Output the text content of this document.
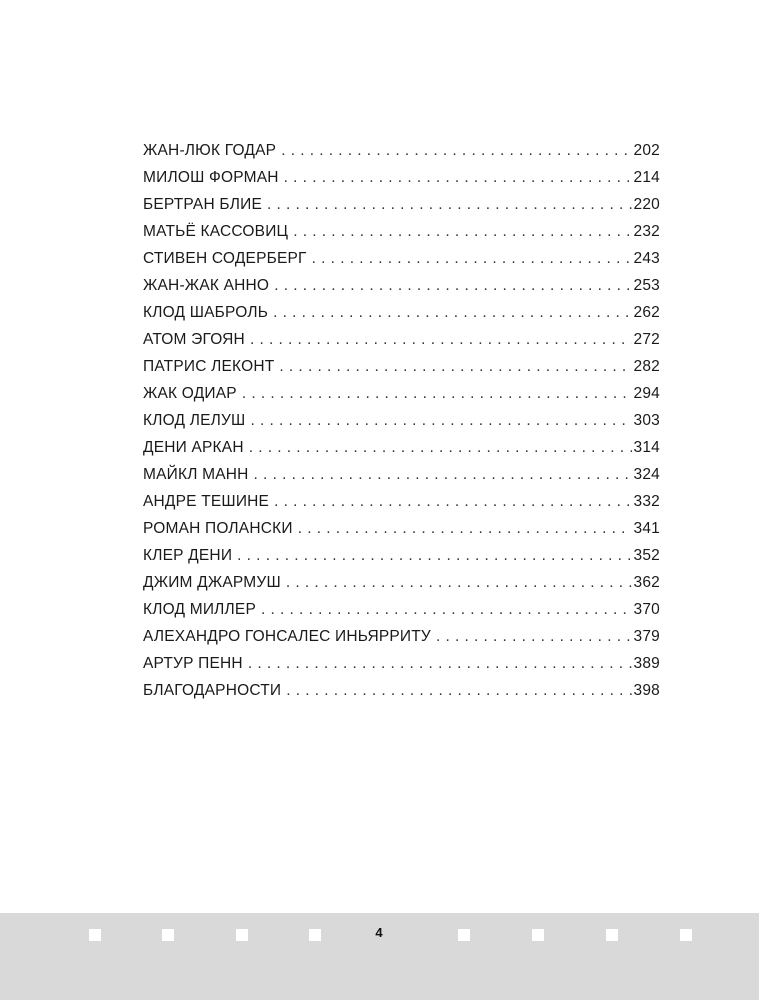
ЖАН-ЛЮК ГОДАР . . .	202
МИЛОШ ФОРМАН . . .	214
БЕРТРАН БЛИЕ . . .	220
МАТЬЁ КАССОВИЦ . . .	232
СТИВЕН СОДЕРБЕРГ . . .	243
ЖАН-ЖАК АННО . . .	253
КЛОД ШАБРОЛЬ . . .	262
АТОМ ЭГОЯН . . .	272
ПАТРИС ЛЕКОНТ . . .	282
ЖАК ОДИАР . . .	294
КЛОД ЛЕЛУШ . . .	303
ДЕНИ АРКАН . . .	314
МАЙКЛ МАНН . . .	324
АНДРЕ ТЕШИНЕ . . .	332
РОМАН ПОЛАНСКИ . . .	341
КЛЕР ДЕНИ . . .	352
ДЖИМ ДЖАРМУШ . . .	362
КЛОД МИЛЛЕР . . .	370
АЛЕХАНДРО ГОНСАЛЕС ИНЬЯРРИТУ . . .	379
АРТУР ПЕНН . . .	389
БЛАГОДАРНОСТИ . . .	398
4
